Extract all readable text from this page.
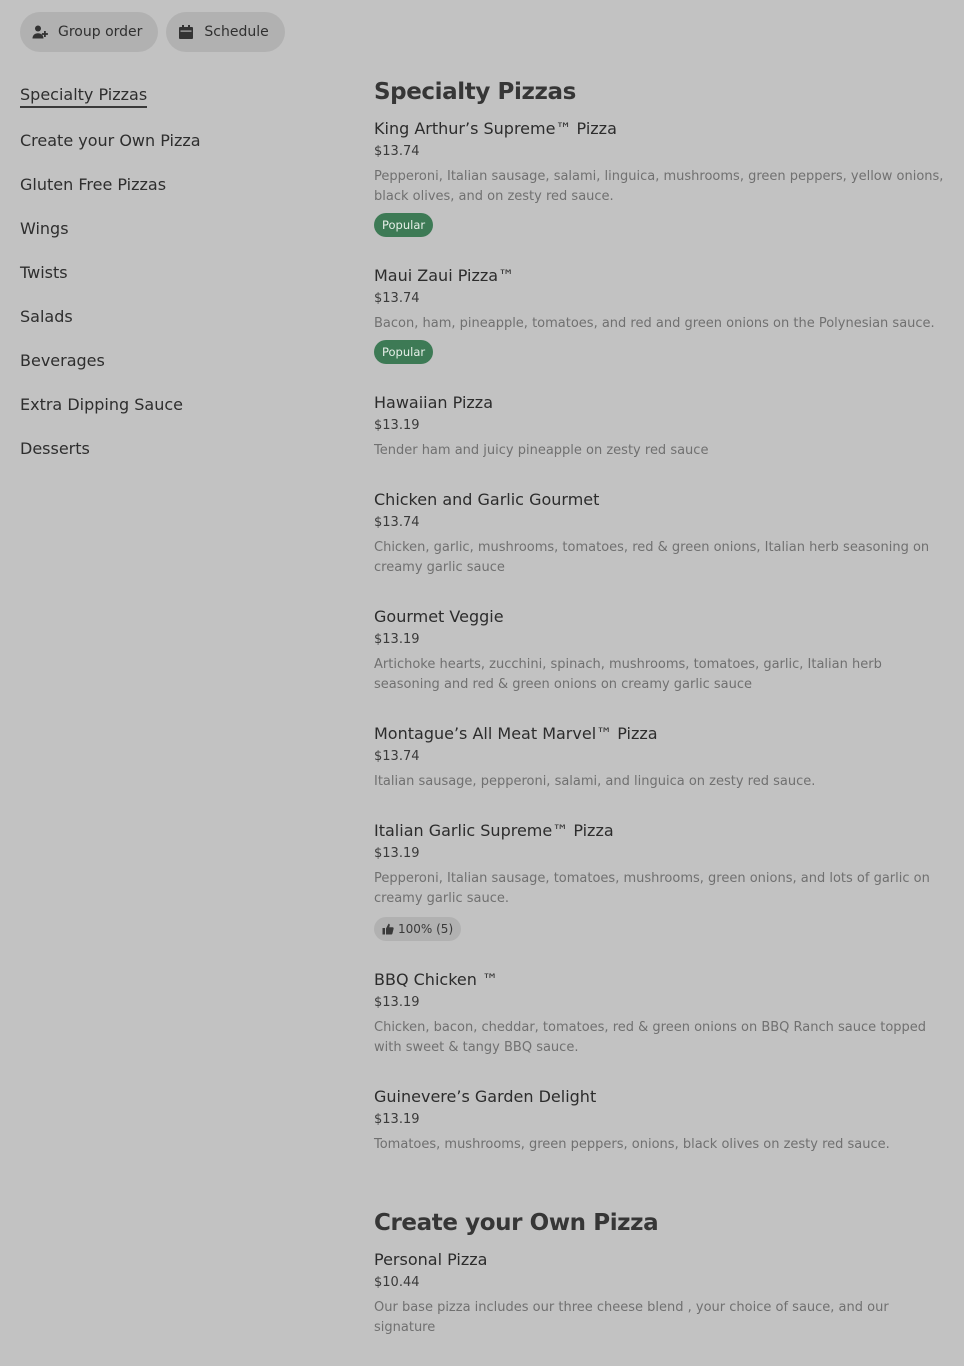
Group order	Schedule
Specialty Pizzas
Create your Own Pizza
Gluten Free Pizzas
Wings
Twists
Salads
Beverages
Extra Dipping Sauce
Desserts
Specialty Pizzas
King Arthur’s Supreme™ Pizza
$13.74
Pepperoni, Italian sausage, salami, linguica, mushrooms, green peppers, yellow onions, black olives, and on zesty red sauce.
Popular
Maui Zaui Pizza™
$13.74
Bacon, ham, pineapple, tomatoes, and red and green onions on the Polynesian sauce.
Popular
Hawaiian Pizza
$13.19
Tender ham and juicy pineapple on zesty red sauce
Chicken and Garlic Gourmet
$13.74
Chicken, garlic, mushrooms, tomatoes, red & green onions, Italian herb seasoning on creamy garlic sauce
Gourmet Veggie
$13.19
Artichoke hearts, zucchini, spinach, mushrooms, tomatoes, garlic, Italian herb seasoning and red & green onions on creamy garlic sauce
Montague’s All Meat Marvel™ Pizza
$13.74
Italian sausage, pepperoni, salami, and linguica on zesty red sauce.
Italian Garlic Supreme™ Pizza
$13.19
Pepperoni, Italian sausage, tomatoes, mushrooms, green onions, and lots of garlic on creamy garlic sauce.
100% (5)
BBQ Chicken ™
$13.19
Chicken, bacon, cheddar, tomatoes, red & green onions on BBQ Ranch sauce topped with sweet & tangy BBQ sauce.
Guinevere’s Garden Delight
$13.19
Tomatoes, mushrooms, green peppers, onions, black olives on zesty red sauce.
Create your Own Pizza
Personal Pizza
$10.44
Our base pizza includes our three cheese blend , your choice of sauce, and our signature
